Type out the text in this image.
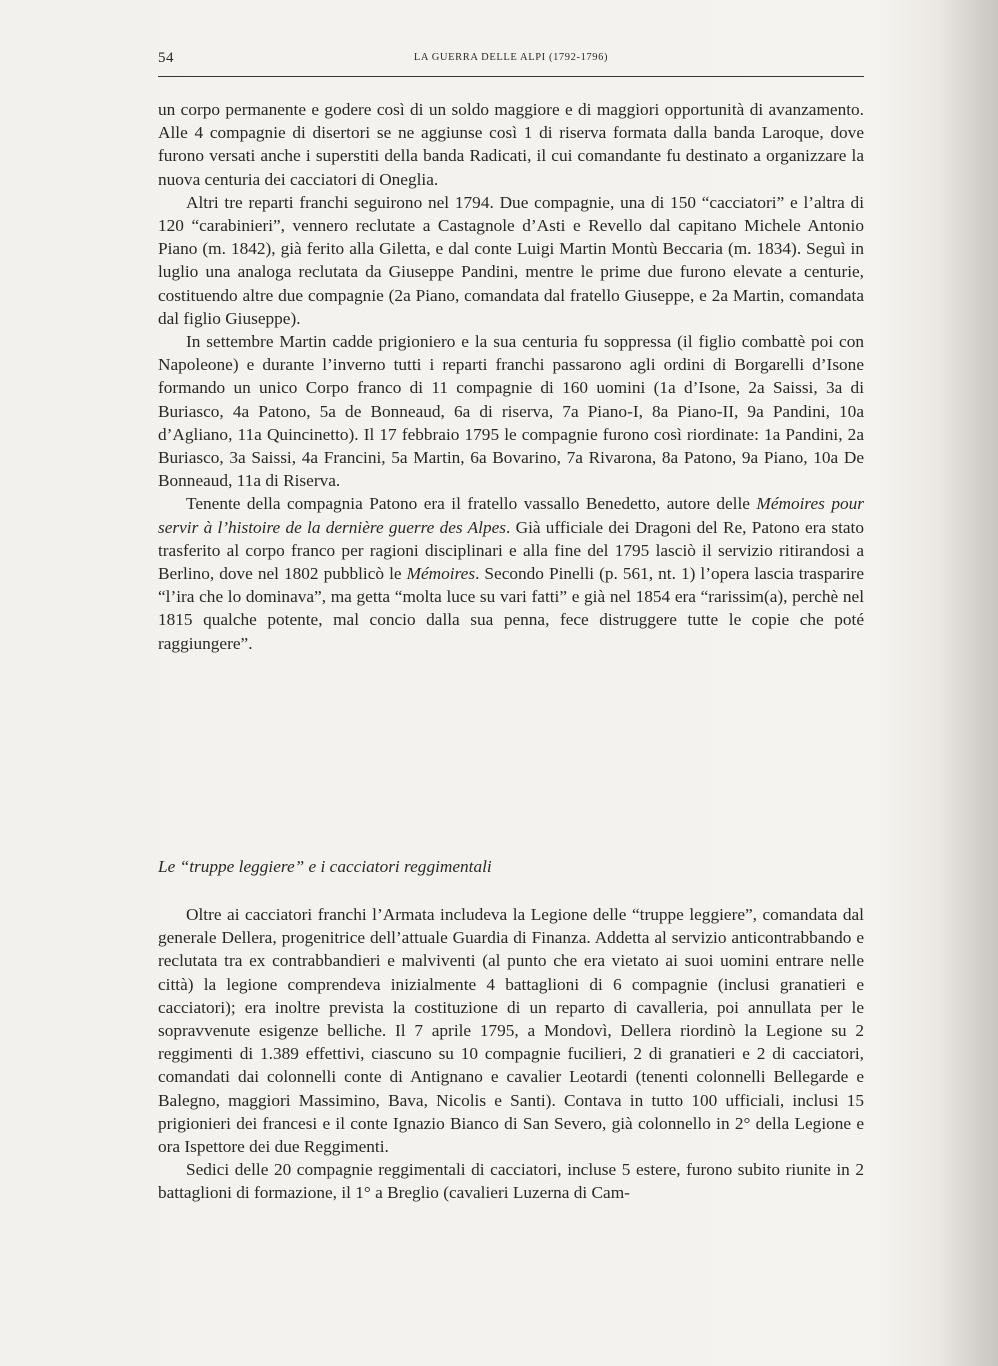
54	LA GUERRA DELLE ALPI (1792-1796)

un corpo permanente e godere così di un soldo maggiore e di maggiori opportunità di avanzamento. Alle 4 compagnie di disertori se ne aggiunse così 1 di riserva formata dalla banda Laroque, dove furono versati anche i superstiti della banda Radicati, il cui comandante fu destinato a organizzare la nuova centuria dei cacciatori di Oneglia.

Altri tre reparti franchi seguirono nel 1794. Due compagnie, una di 150 “cacciatori” e l’altra di 120 “carabinieri”, vennero reclutate a Castagnole d’Asti e Revello dal capitano Michele Antonio Piano (m. 1842), già ferito alla Giletta, e dal conte Luigi Martin Montù Beccaria (m. 1834). Seguì in luglio una analoga reclutata da Giuseppe Pandini, mentre le prime due furono elevate a centurie, costituendo altre due compagnie (2a Piano, comandata dal fratello Giuseppe, e 2a Martin, comandata dal figlio Giuseppe).

In settembre Martin cadde prigioniero e la sua centuria fu soppressa (il figlio combattè poi con Napoleone) e durante l’inverno tutti i reparti franchi passarono agli ordini di Borgarelli d’Isone formando un unico Corpo franco di 11 compagnie di 160 uomini (1a d’Isone, 2a Saissi, 3a di Buriasco, 4a Patono, 5a de Bonneaud, 6a di riserva, 7a Piano-I, 8a Piano-II, 9a Pandini, 10a d’Agliano, 11a Quincinetto). Il 17 febbraio 1795 le compagnie furono così riordinate: 1a Pandini, 2a Buriasco, 3a Saissi, 4a Francini, 5a Martin, 6a Bovarino, 7a Rivarona, 8a Patono, 9a Piano, 10a De Bonneaud, 11a di Riserva.

Tenente della compagnia Patono era il fratello vassallo Benedetto, autore delle Mémoires pour servir à l’histoire de la dernière guerre des Alpes. Già ufficiale dei Dragoni del Re, Patono era stato trasferito al corpo franco per ragioni disciplinari e alla fine del 1795 lasciò il servizio ritirandosi a Berlino, dove nel 1802 pubblicò le Mémoires. Secondo Pinelli (p. 561, nt. 1) l’opera lascia trasparire “l’ira che lo dominava”, ma getta “molta luce su vari fatti” e già nel 1854 era “rarissim(a), perchè nel 1815 qualche potente, mal concio dalla sua penna, fece distruggere tutte le copie che poté raggiungere”.

Le “truppe leggiere” e i cacciatori reggimentali

Oltre ai cacciatori franchi l’Armata includeva la Legione delle “truppe leggiere”, comandata dal generale Dellera, progenitrice dell’attuale Guardia di Finanza. Addetta al servizio anticontrabbando e reclutata tra ex contrabbandieri e malviventi (al punto che era vietato ai suoi uomini entrare nelle città) la legione comprendeva inizialmente 4 battaglioni di 6 compagnie (inclusi granatieri e cacciatori); era inoltre prevista la costituzione di un reparto di cavalleria, poi annullata per le sopravvenute esigenze belliche. Il 7 aprile 1795, a Mondovì, Dellera riordinò la Legione su 2 reggimenti di 1.389 effettivi, ciascuno su 10 compagnie fucilieri, 2 di granatieri e 2 di cacciatori, comandati dai colonnelli conte di Antignano e cavalier Leotardi (tenenti colonnelli Bellegarde e Balegno, maggiori Massimino, Bava, Nicolis e Santi). Contava in tutto 100 ufficiali, inclusi 15 prigionieri dei francesi e il conte Ignazio Bianco di San Severo, già colonnello in 2° della Legione e ora Ispettore dei due Reggimenti.

Sedici delle 20 compagnie reggimentali di cacciatori, incluse 5 estere, furono subito riunite in 2 battaglioni di formazione, il 1° a Breglio (cavalieri Luzerna di Cam-
